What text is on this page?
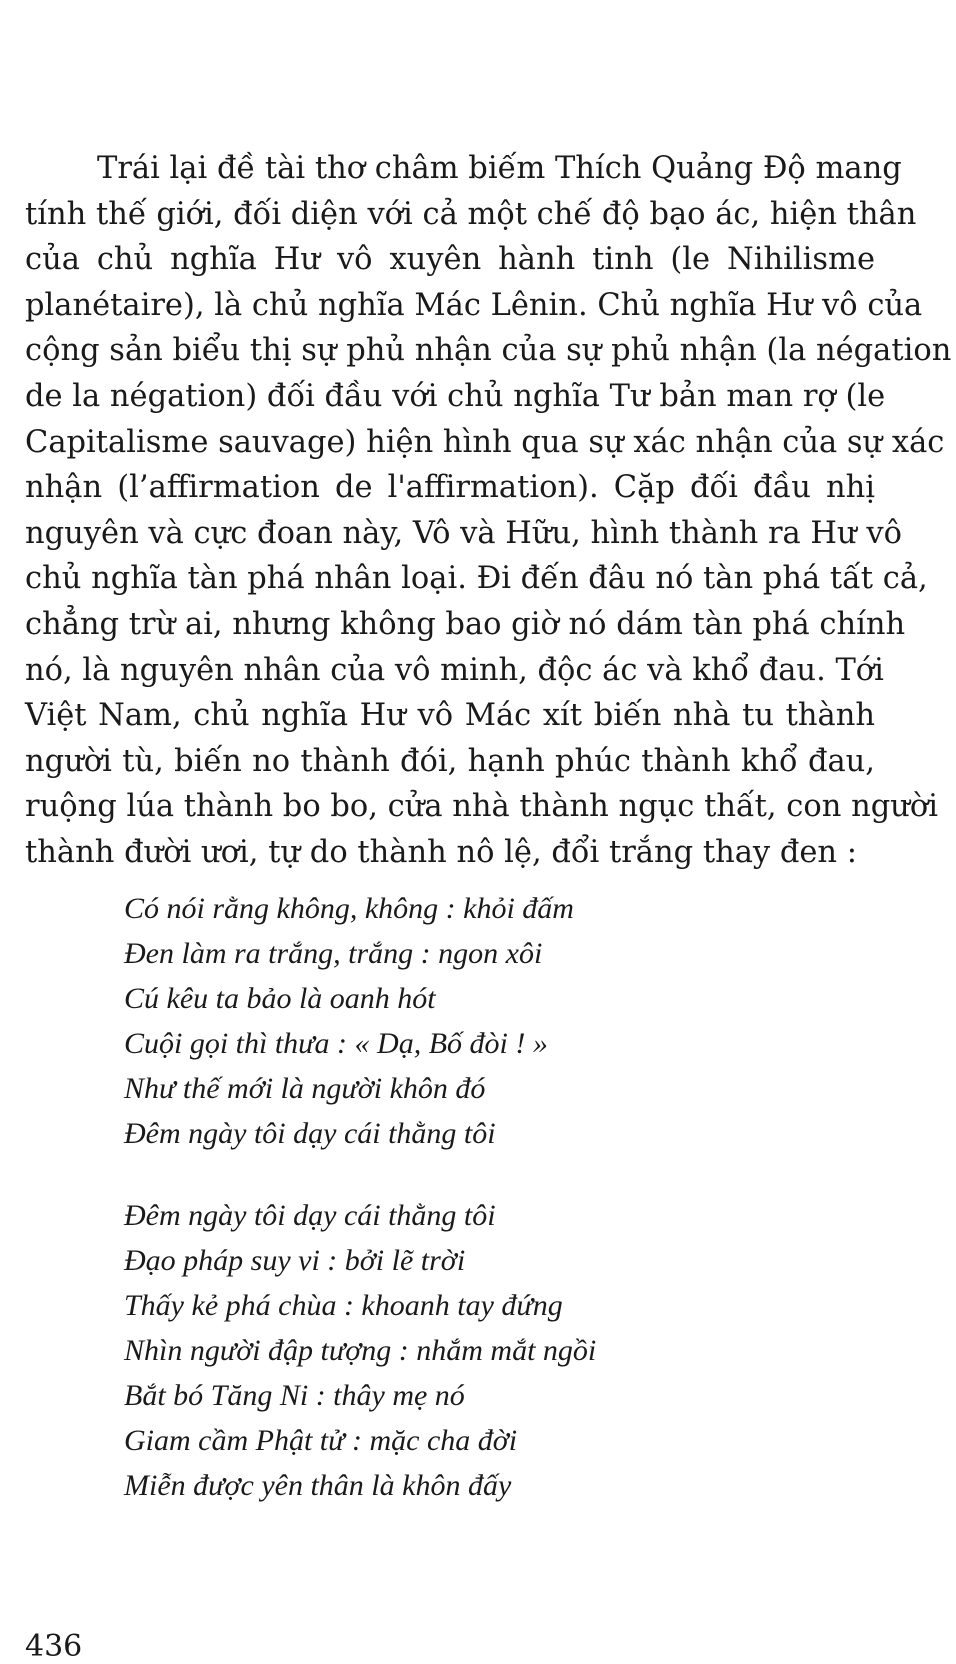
Trái lại đề tài thơ châm biếm Thích Quảng Độ mang
tính thế giới, đối diện với cả một chế độ bạo ác, hiện thân
của chủ nghĩa Hư vô xuyên hành tinh (le Nihilisme
planétaire), là chủ nghĩa Mác Lênin. Chủ nghĩa Hư vô của
cộng sản biểu thị sự phủ nhận của sự phủ nhận (la négation
de la négation) đối đầu với chủ nghĩa Tư bản man rợ (le
Capitalisme sauvage) hiện hình qua sự xác nhận của sự xác
nhận (l’affirmation de l'affirmation). Cặp đối đầu nhị
nguyên và cực đoan này, Vô và Hữu, hình thành ra Hư vô
chủ nghĩa tàn phá nhân loại. Đi đến đâu nó tàn phá tất cả,
chẳng trừ ai, nhưng không bao giờ nó dám tàn phá chính
nó, là nguyên nhân của vô minh, độc ác và khổ đau. Tới
Việt Nam, chủ nghĩa Hư vô Mác xít biến nhà tu thành
người tù, biến no thành đói, hạnh phúc thành khổ đau,
ruộng lúa thành bo bo, cửa nhà thành ngục thất, con người
thành đười ươi, tự do thành nô lệ, đổi trắng thay đen :
Có nói rằng không, không : khỏi đấm
Đen làm ra trắng, trắng : ngon xôi
Cú kêu ta bảo là oanh hót
Cuội gọi thì thưa : « Dạ, Bố đòi ! »
Như thế mới là người khôn đó
Đêm ngày tôi dạy cái thằng tôi
Đêm ngày tôi dạy cái thằng tôi
Đạo pháp suy vi : bởi lẽ trời
Thấy kẻ phá chùa : khoanh tay đứng
Nhìn người đập tượng : nhắm mắt ngồi
Bắt bó Tăng Ni : thây mẹ nó
Giam cầm Phật tử : mặc cha đời
Miễn được yên thân là khôn đấy
436
